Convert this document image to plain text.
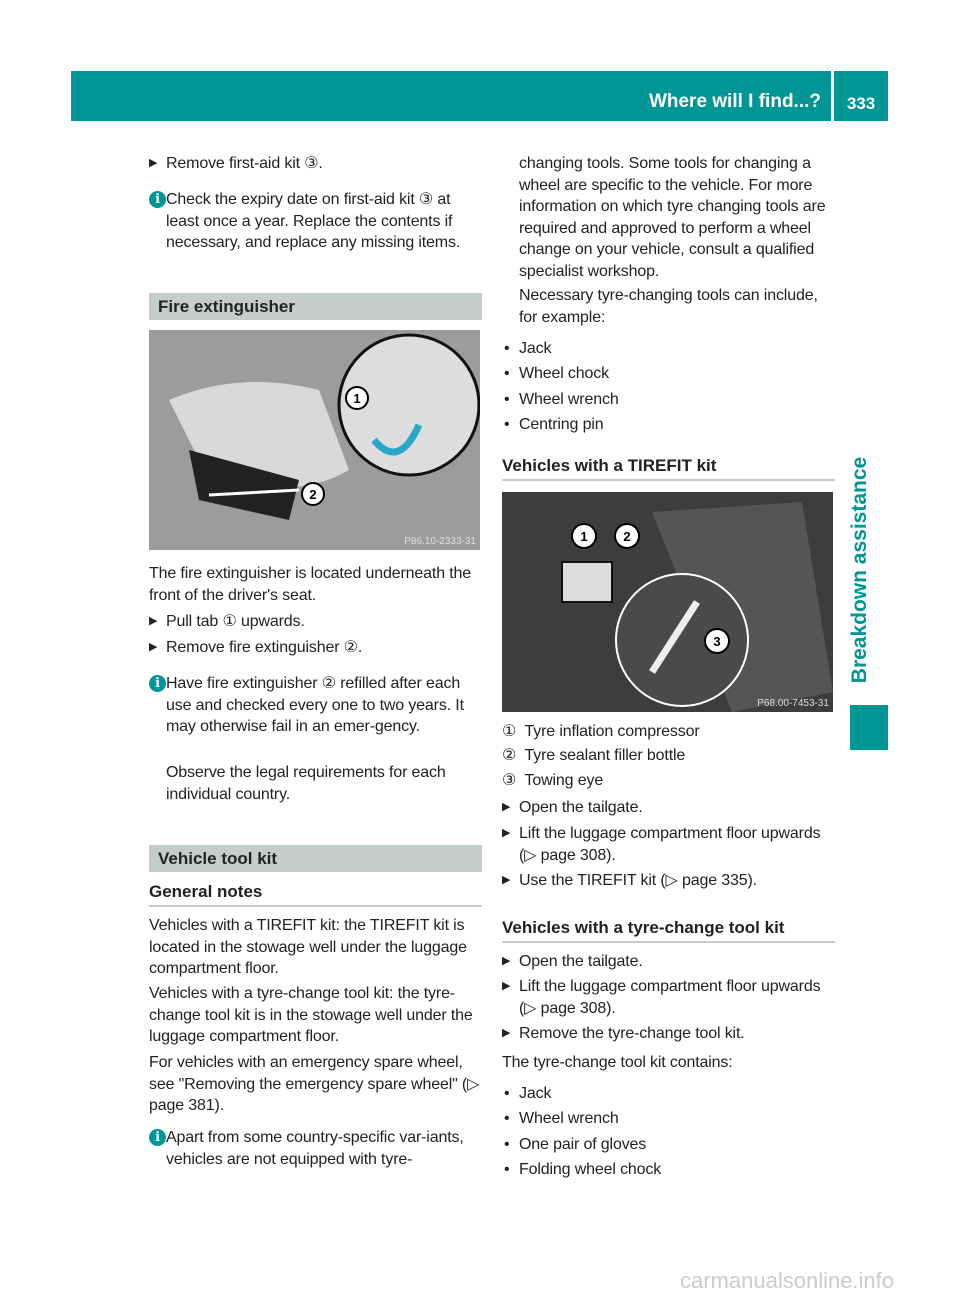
Where will I find...?	333
▶ Remove first-aid kit ③.
i Check the expiry date on first-aid kit ③ at least once a year. Replace the contents if necessary, and replace any missing items.
Fire extinguisher
1
2
P86.10-2333-31
The fire extinguisher is located underneath the front of the driver's seat.
▶ Pull tab ① upwards.
▶ Remove fire extinguisher ②.
i Have fire extinguisher ② refilled after each use and checked every one to two years. It may otherwise fail in an emer-gency.
Observe the legal requirements for each individual country.
Vehicle tool kit
General notes
Vehicles with a TIREFIT kit: the TIREFIT kit is located in the stowage well under the luggage compartment floor.
Vehicles with a tyre-change tool kit: the tyre-change tool kit is in the stowage well under the luggage compartment floor.
For vehicles with an emergency spare wheel, see "Removing the emergency spare wheel" (▷ page 381).
i Apart from some country-specific var-iants, vehicles are not equipped with tyre-
changing tools. Some tools for changing a wheel are specific to the vehicle. For more information on which tyre changing tools are required and approved to perform a wheel change on your vehicle, consult a qualified specialist workshop.
Necessary tyre-changing tools can include, for example:
• Jack
• Wheel chock
• Wheel wrench
• Centring pin
Vehicles with a TIREFIT kit
1	2
3
P68.00-7453-31
① Tyre inflation compressor
② Tyre sealant filler bottle
③ Towing eye
▶ Open the tailgate.
▶ Lift the luggage compartment floor upwards (▷ page 308).
▶ Use the TIREFIT kit (▷ page 335).
Vehicles with a tyre-change tool kit
▶ Open the tailgate.
▶ Lift the luggage compartment floor upwards (▷ page 308).
▶ Remove the tyre-change tool kit.
The tyre-change tool kit contains:
• Jack
• Wheel wrench
• One pair of gloves
• Folding wheel chock
Breakdown assistance
carmanualsonline.info
